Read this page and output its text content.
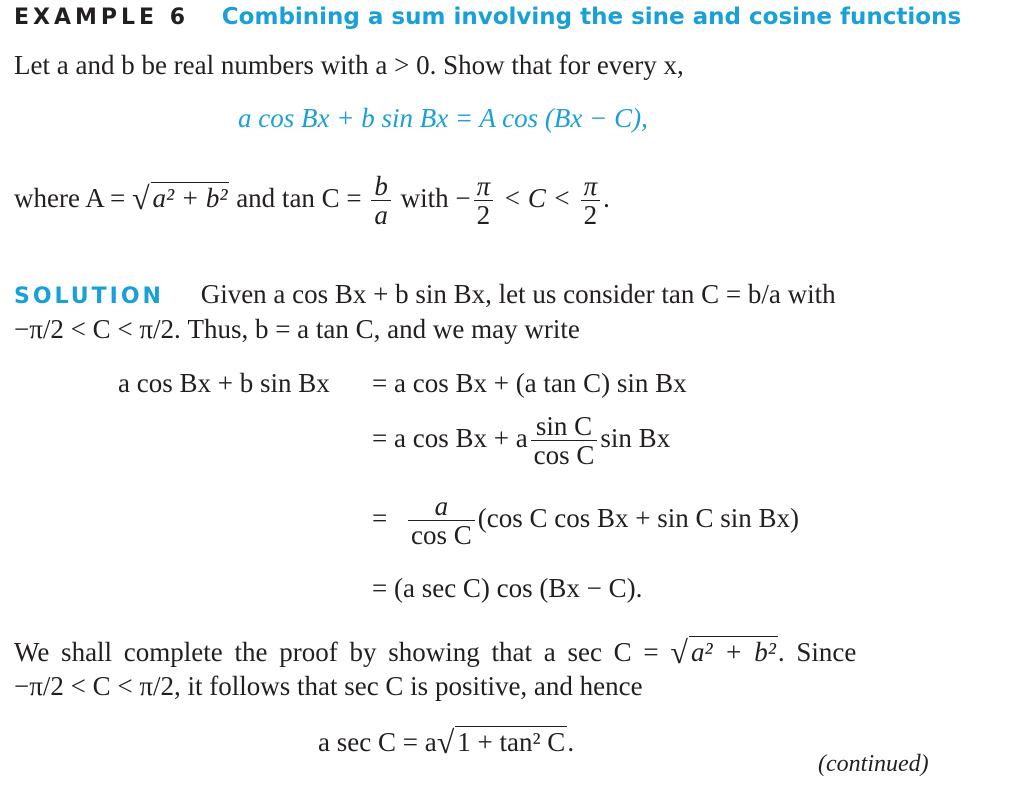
EXAMPLE 6 Combining a sum involving the sine and cosine functions
Let a and b be real numbers with a > 0. Show that for every x,
a cos Bx + b sin Bx = A cos (Bx − C),
where A = √ a² + b² and $\tan C = \frac{b}{a}$ with − $\frac{\pi}{2} < C < \frac{\pi}{2}$ .
SOLUTION Given a cos Bx + b sin Bx, let us consider tan C = b/a with
−π/2 < C < π/2. Thus, b = a tan C, and we may write
a cos Bx + b sin Bx = a cos Bx + (a tan C) sin Bx
= a cos Bx + a $\frac{\text{sin C}}{\text{cos C}}$ sin Bx
= $\frac{a}{\text{cos C}} (\cos$ C cos Bx + sin C sin Bx)
= (a sec C) cos (Bx − C).
We shall complete the proof by showing that a sec C = √ a² + b². Since
−π/2 < C < π/2, it follows that sec C is positive, and hence
a sec C = a√ 1 + tan² C.
(continued)
